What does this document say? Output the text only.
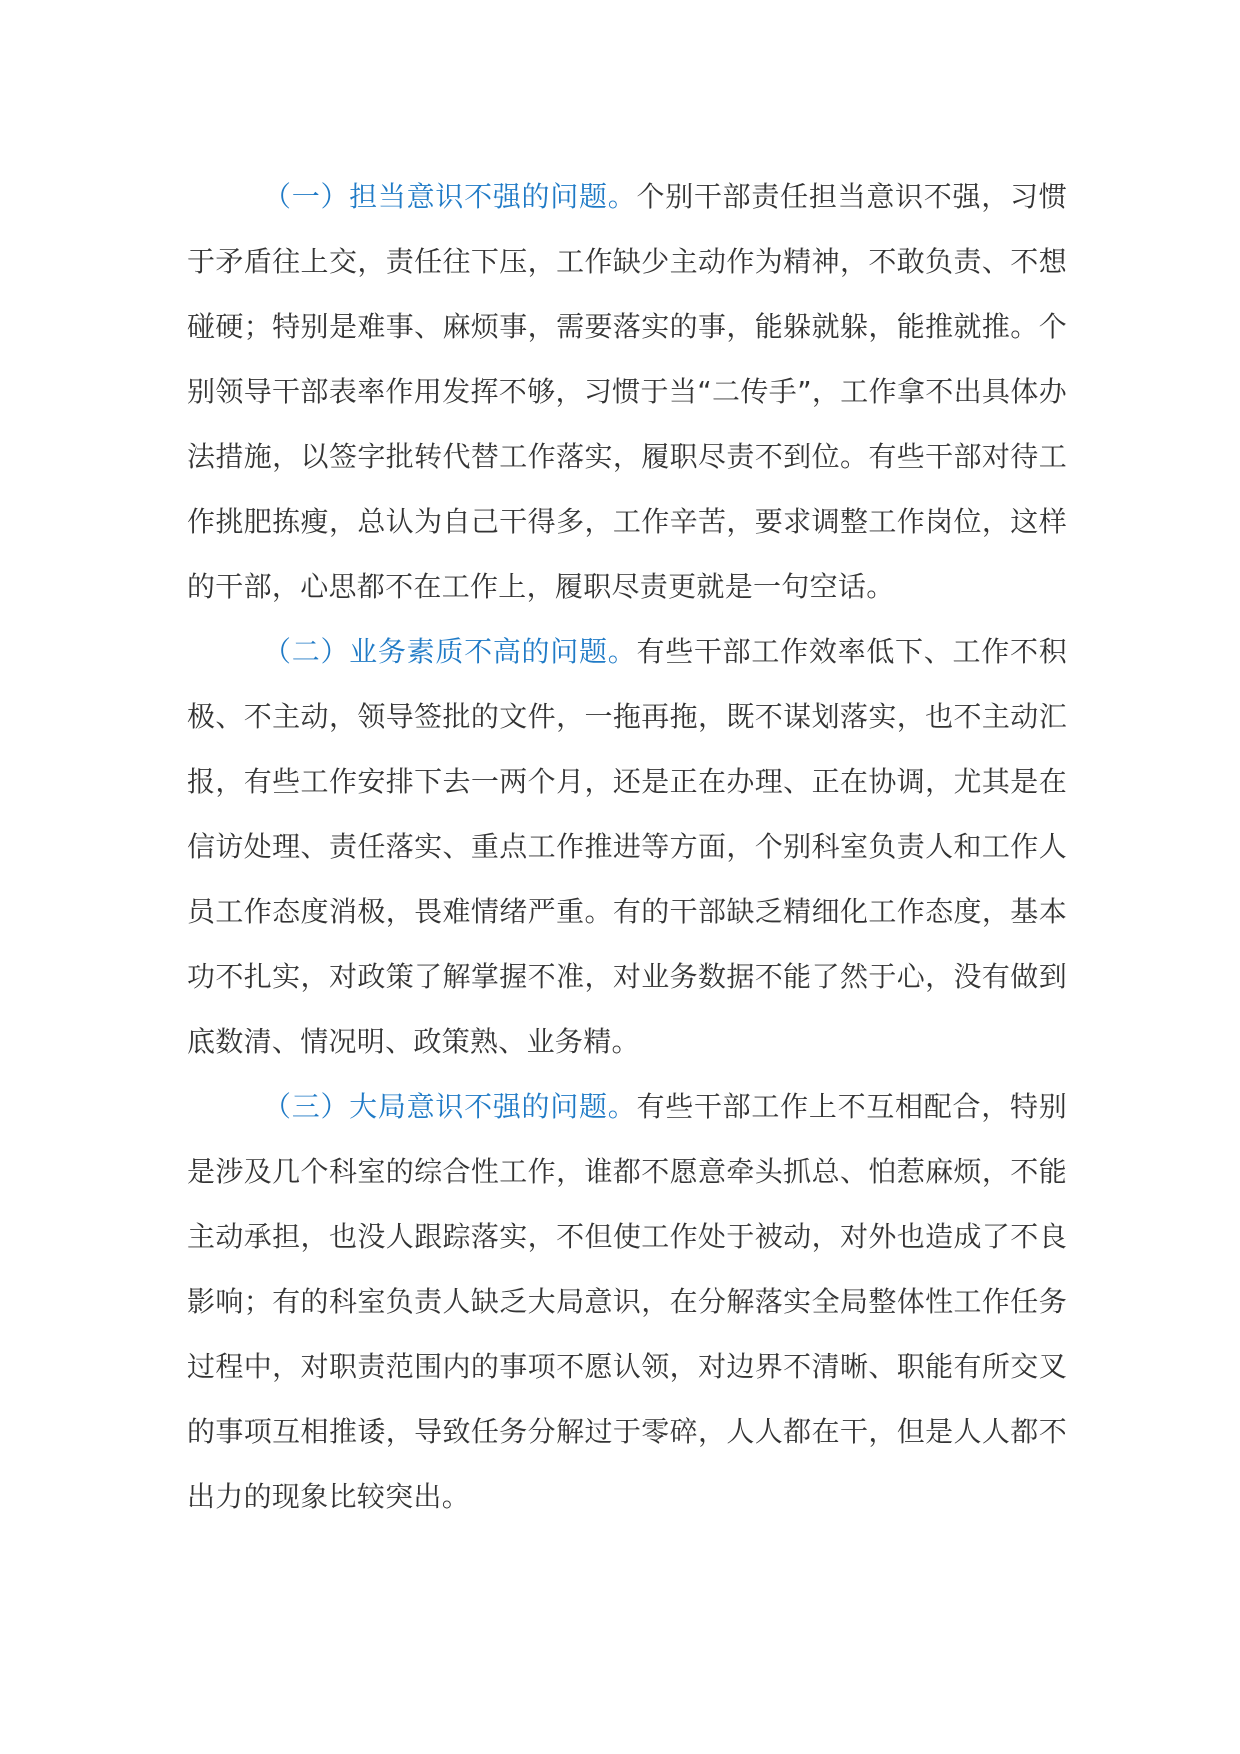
（一）担当意识不强的问题。个别干部责任担当意识不强，习惯于矛盾往上交，责任往下压，工作缺少主动作为精神，不敢负责、不想碰硬；特别是难事、麻烦事，需要落实的事，能躲就躲，能推就推。个别领导干部表率作用发挥不够，习惯于当“二传手”，工作拿不出具体办法措施，以签字批转代替工作落实，履职尽责不到位。有些干部对待工作挑肥拣瘦，总认为自己干得多，工作辛苦，要求调整工作岗位，这样的干部，心思都不在工作上，履职尽责更就是一句空话。

（二）业务素质不高的问题。有些干部工作效率低下、工作不积极、不主动，领导签批的文件，一拖再拖，既不谋划落实，也不主动汇报，有些工作安排下去一两个月，还是正在办理、正在协调，尤其是在信访处理、责任落实、重点工作推进等方面，个别科室负责人和工作人员工作态度消极，畏难情绪严重。有的干部缺乏精细化工作态度，基本功不扎实，对政策了解掌握不准，对业务数据不能了然于心，没有做到底数清、情况明、政策熟、业务精。

（三）大局意识不强的问题。有些干部工作上不互相配合，特别是涉及几个科室的综合性工作，谁都不愿意牵头抓总、怕惹麻烦，不能主动承担，也没人跟踪落实，不但使工作处于被动，对外也造成了不良影响；有的科室负责人缺乏大局意识，在分解落实全局整体性工作任务过程中，对职责范围内的事项不愿认领，对边界不清晰、职能有所交叉的事项互相推诿，导致任务分解过于零碎，人人都在干，但是人人都不出力的现象比较突出。
